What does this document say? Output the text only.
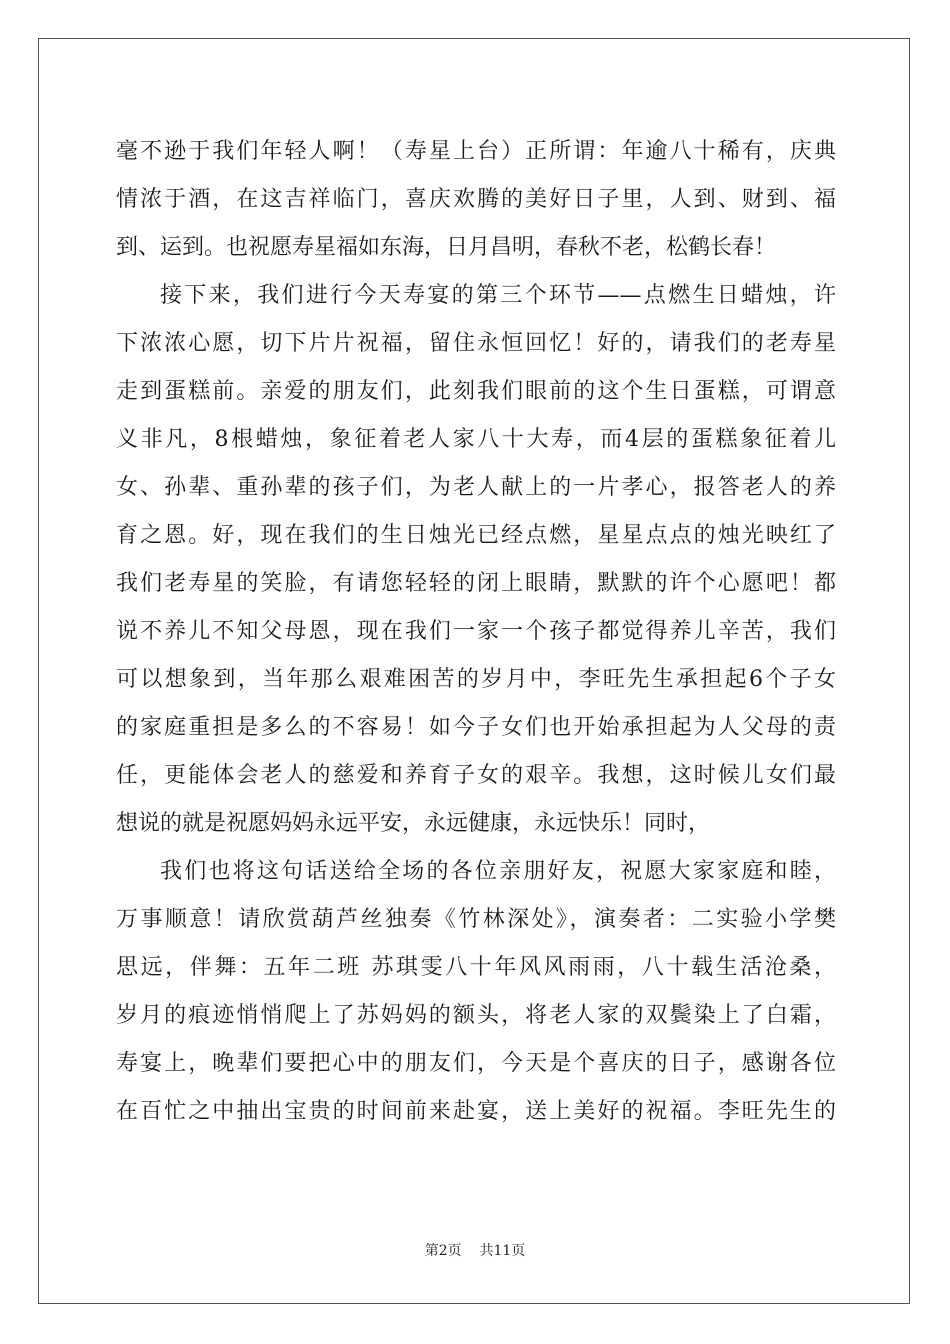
毫不逊于我们年轻人啊！（寿星上台）正所谓：年逾八十稀有，庆典
情浓于酒，在这吉祥临门，喜庆欢腾的美好日子里，人到、财到、福
到、运到。也祝愿寿星福如东海，日月昌明，春秋不老，松鹤长春！
接下来，我们进行今天寿宴的第三个环节——点燃生日蜡烛，许
下浓浓心愿，切下片片祝福，留住永恒回忆！好的，请我们的老寿星
走到蛋糕前。亲爱的朋友们，此刻我们眼前的这个生日蛋糕，可谓意
义非凡，8根蜡烛，象征着老人家八十大寿，而4层的蛋糕象征着儿
女、孙辈、重孙辈的孩子们，为老人献上的一片孝心，报答老人的养
育之恩。好，现在我们的生日烛光已经点燃，星星点点的烛光映红了
我们老寿星的笑脸，有请您轻轻的闭上眼睛，默默的许个心愿吧！都
说不养儿不知父母恩，现在我们一家一个孩子都觉得养儿辛苦，我们
可以想象到，当年那么艰难困苦的岁月中，李旺先生承担起6个子女
的家庭重担是多么的不容易！如今子女们也开始承担起为人父母的责
任，更能体会老人的慈爱和养育子女的艰辛。我想，这时候儿女们最
想说的就是祝愿妈妈永远平安，永远健康，永远快乐！同时，
我们也将这句话送给全场的各位亲朋好友，祝愿大家家庭和睦，
万事顺意！请欣赏葫芦丝独奏《竹林深处》，演奏者：二实验小学樊
思远，伴舞：五年二班 苏琪雯八十年风风雨雨，八十载生活沧桑，
岁月的痕迹悄悄爬上了苏妈妈的额头，将老人家的双鬓染上了白霜，
寿宴上，晚辈们要把心中的朋友们，今天是个喜庆的日子，感谢各位
在百忙之中抽出宝贵的时间前来赴宴，送上美好的祝福。李旺先生的
第2页 共11页
